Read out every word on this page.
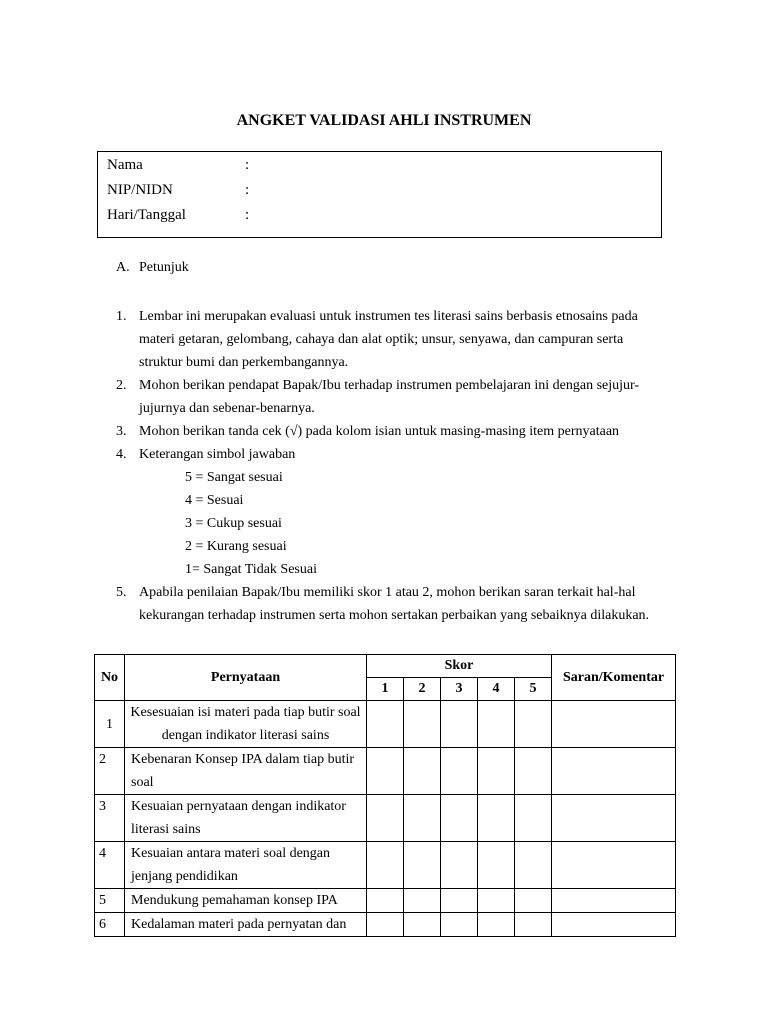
ANGKET VALIDASI AHLI INSTRUMEN
Nama	:
NIP/NIDN	:
Hari/Tanggal	:
A. Petunjuk
1. Lembar ini merupakan evaluasi untuk instrumen tes literasi sains berbasis etnosains pada materi getaran, gelombang, cahaya dan alat optik; unsur, senyawa, dan campuran serta struktur bumi dan perkembangannya.
2. Mohon berikan pendapat Bapak/Ibu terhadap instrumen pembelajaran ini dengan sejujur-jujurnya dan sebenar-benarnya.
3. Mohon berikan tanda cek (√) pada kolom isian untuk masing-masing item pernyataan
4. Keterangan simbol jawaban
5 = Sangat sesuai
4 = Sesuai
3 = Cukup sesuai
2 = Kurang sesuai
1= Sangat Tidak Sesuai
5. Apabila penilaian Bapak/Ibu memiliki skor 1 atau 2, mohon berikan saran terkait hal-hal kekurangan terhadap instrumen serta mohon sertakan perbaikan yang sebaiknya dilakukan.
No	Pernyataan	Skor					Saran/Komentar
		1	2	3	4	5	
1	Kesesuaian isi materi pada tiap butir soal dengan indikator literasi sains						
2	Kebenaran Konsep IPA dalam tiap butir soal						
3	Kesuaian pernyataan dengan indikator literasi sains						
4	Kesuaian antara materi soal dengan jenjang pendidikan						
5	Mendukung pemahaman konsep IPA						
6	Kedalaman materi pada pernyatan dan						
